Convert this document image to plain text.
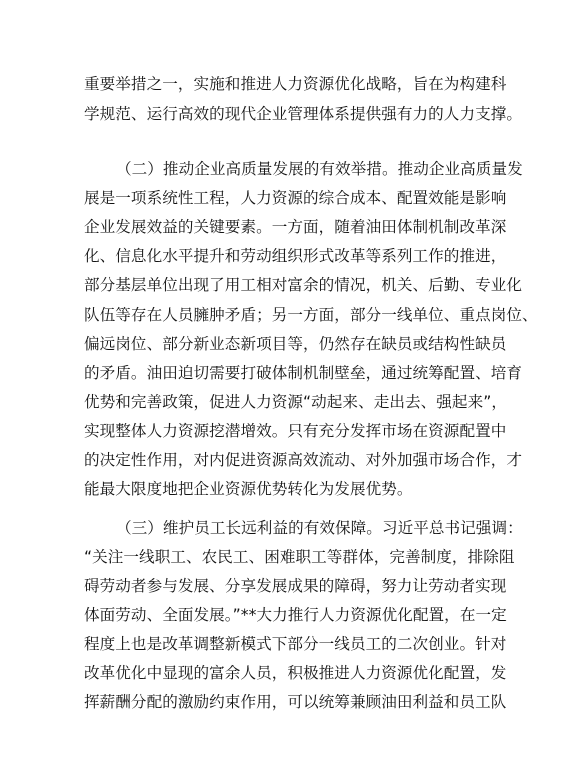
重要举措之一，实施和推进人力资源优化战略，旨在为构建科
学规范、运行高效的现代企业管理体系提供强有力的人力支撑。
（二）推动企业高质量发展的有效举措。推动企业高质量发
展是一项系统性工程，人力资源的综合成本、配置效能是影响
企业发展效益的关键要素。一方面，随着油田体制机制改革深
化、信息化水平提升和劳动组织形式改革等系列工作的推进，
部分基层单位出现了用工相对富余的情况，机关、后勤、专业化
队伍等存在人员臃肿矛盾；另一方面，部分一线单位、重点岗位、
偏远岗位、部分新业态新项目等，仍然存在缺员或结构性缺员
的矛盾。油田迫切需要打破体制机制壁垒，通过统筹配置、培育
优势和完善政策，促进人力资源“动起来、走出去、强起来”，
实现整体人力资源挖潜增效。只有充分发挥市场在资源配置中
的决定性作用，对内促进资源高效流动、对外加强市场合作，才
能最大限度地把企业资源优势转化为发展优势。
（三）维护员工长远利益的有效保障。习近平总书记强调：
“关注一线职工、农民工、困难职工等群体，完善制度，排除阻
碍劳动者参与发展、分享发展成果的障碍，努力让劳动者实现
体面劳动、全面发展。”**大力推行人力资源优化配置，在一定
程度上也是改革调整新模式下部分一线员工的二次创业。针对
改革优化中显现的富余人员，积极推进人力资源优化配置，发
挥薪酬分配的激励约束作用，可以统筹兼顾油田利益和员工队
